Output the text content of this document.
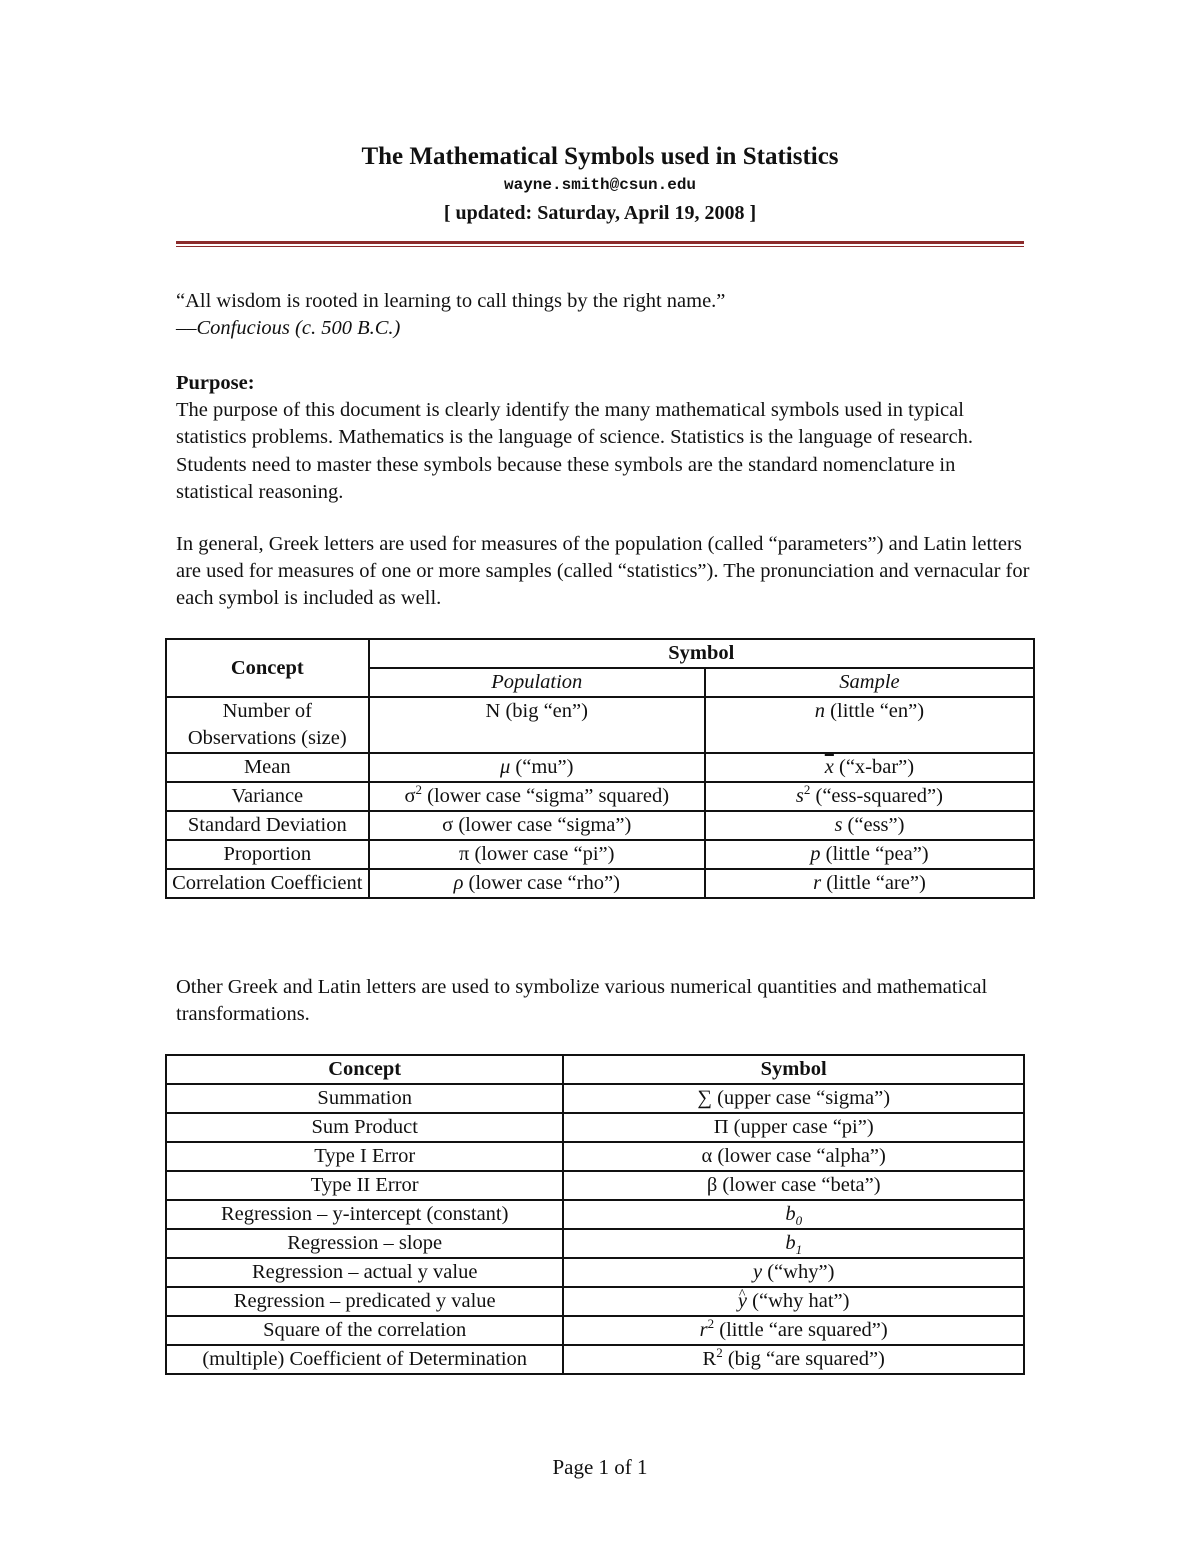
The Mathematical Symbols used in Statistics
wayne.smith@csun.edu
[ updated: Saturday, April 19, 2008 ]
“All wisdom is rooted in learning to call things by the right name.”
––Confucious (c. 500 B.C.)
Purpose:
The purpose of this document is clearly identify the many mathematical symbols used in typical statistics problems. Mathematics is the language of science. Statistics is the language of research. Students need to master these symbols because these symbols are the standard nomenclature in statistical reasoning.
In general, Greek letters are used for measures of the population (called “parameters”) and Latin letters are used for measures of one or more samples (called “statistics”). The pronunciation and vernacular for each symbol is included as well.
Concept	Symbol	
	Population	Sample
Number of Observations (size)	N (big “en”)	n (little “en”)
Mean	μ (“mu”)	$\overline{x}$ (“x-bar”)
Variance	$\sigma^2$ (lower case “sigma” squared)	$s^2$ (“ess-squared”)
Standard Deviation	σ (lower case “sigma”)	s (“ess”)
Proportion	π (lower case “pi”)	p (little “pea”)
Correlation Coefficient	ρ (lower case “rho”)	r (little “are”)
Other Greek and Latin letters are used to symbolize various numerical quantities and mathematical transformations.
Concept	Symbol
Summation	∑ (upper case “sigma”)
Sum Product	Π (upper case “pi”)
Type I Error	α (lower case “alpha”)
Type II Error	β (lower case “beta”)
Regression – y-intercept (constant)	$b_0$
Regression – slope	$b_1$
Regression – actual y value	y (“why”)
Regression – predicated y value	^ y (“why hat”)
Square of the correlation	$r^2$ (little “are squared”)
(multiple) Coefficient of Determination	$R^2$ (big “are squared”)
Page 1 of 1
